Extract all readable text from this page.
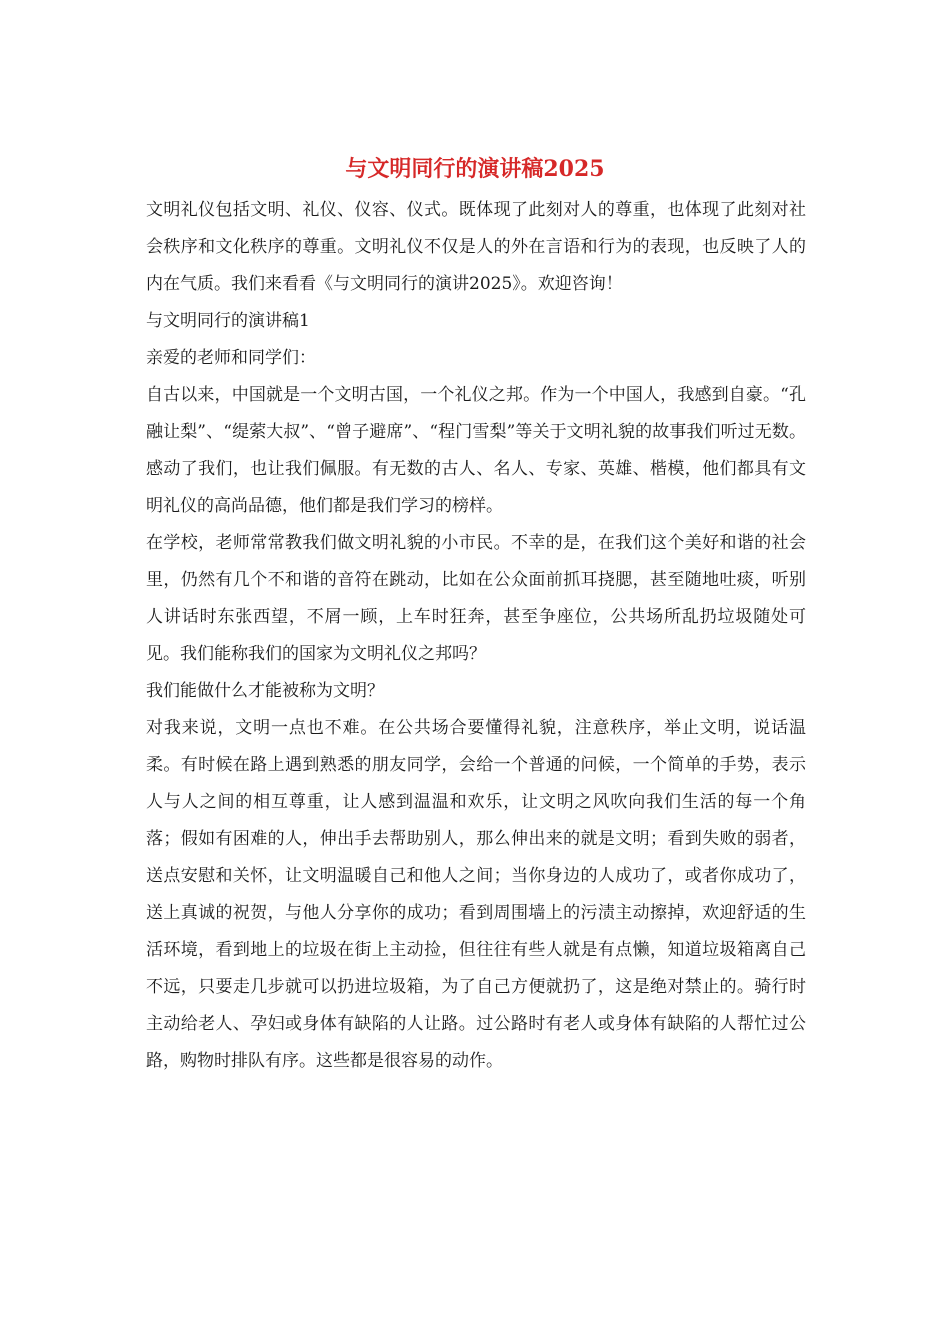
与文明同行的演讲稿2025

文明礼仪包括文明、礼仪、仪容、仪式。既体现了此刻对人的尊重，也体现了此刻对社会秩序和文化秩序的尊重。文明礼仪不仅是人的外在言语和行为的表现，也反映了人的内在气质。我们来看看《与文明同行的演讲2025》。欢迎咨询！

与文明同行的演讲稿1

亲爱的老师和同学们：

自古以来，中国就是一个文明古国，一个礼仪之邦。作为一个中国人，我感到自豪。“孔融让梨”、“缇萦大叔”、“曾子避席”、“程门雪梨”等关于文明礼貌的故事我们听过无数。感动了我们，也让我们佩服。有无数的古人、名人、专家、英雄、楷模，他们都具有文明礼仪的高尚品德，他们都是我们学习的榜样。

在学校，老师常常教我们做文明礼貌的小市民。不幸的是，在我们这个美好和谐的社会里，仍然有几个不和谐的音符在跳动，比如在公众面前抓耳挠腮，甚至随地吐痰，听别人讲话时东张西望，不屑一顾，上车时狂奔，甚至争座位，公共场所乱扔垃圾随处可见。我们能称我们的国家为文明礼仪之邦吗？

我们能做什么才能被称为文明？

对我来说，文明一点也不难。在公共场合要懂得礼貌，注意秩序，举止文明，说话温柔。有时候在路上遇到熟悉的朋友同学，会给一个普通的问候，一个简单的手势，表示人与人之间的相互尊重，让人感到温温和欢乐，让文明之风吹向我们生活的每一个角落；假如有困难的人，伸出手去帮助别人，那么伸出来的就是文明；看到失败的弱者，送点安慰和关怀，让文明温暖自己和他人之间；当你身边的人成功了，或者你成功了，送上真诚的祝贺，与他人分享你的成功；看到周围墙上的污渍主动擦掉，欢迎舒适的生活环境，看到地上的垃圾在街上主动捡，但往往有些人就是有点懒，知道垃圾箱离自己不远，只要走几步就可以扔进垃圾箱，为了自己方便就扔了，这是绝对禁止的。骑行时主动给老人、孕妇或身体有缺陷的人让路。过公路时有老人或身体有缺陷的人帮忙过公路，购物时排队有序。这些都是很容易的动作。
